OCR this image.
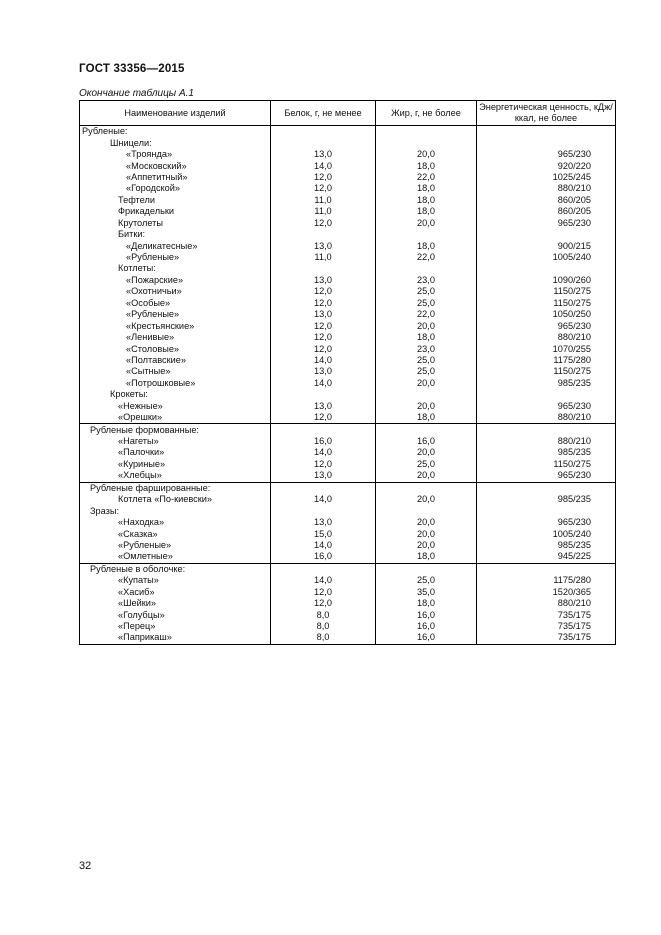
ГОСТ 33356—2015
Окончание таблицы А.1
Наименование изделий	Белок, г, не менее	Жир, г, не более	Энергетическая ценность, кДж/ккал, не более
Рубленые:			
Шницели:			
«Троянда»	13,0	20,0	965/230
«Московский»	14,0	18,0	920/220
«Аппетитный»	12,0	22,0	1025/245
«Городской»	12,0	18,0	880/210
Тефтели	11,0	18,0	860/205
Фрикадельки	11,0	18,0	860/205
Крутолеты	12,0	20,0	965/230
Битки:			
«Деликатесные»	13,0	18,0	900/215
«Рубленые»	11,0	22,0	1005/240
Котлеты:			
«Пожарские»	13,0	23,0	1090/260
«Охотничьи»	12,0	25,0	1150/275
«Особые»	12,0	25,0	1150/275
«Рубленые»	13,0	22,0	1050/250
«Крестьянские»	12,0	20,0	965/230
«Ленивые»	12,0	18,0	880/210
«Столовые»	12,0	23,0	1070/255
«Полтавские»	14,0	25,0	1175/280
«Сытные»	13,0	25,0	1150/275
«Потрошковые»	14,0	20,0	985/235
Крокеты:			
«Нежные»	13,0	20,0	965/230
«Орешки»	12,0	18,0	880/210
Рубленые формованные:			
«Нагеты»	16,0	16,0	880/210
«Палочки»	14,0	20,0	985/235
«Куриные»	12,0	25,0	1150/275
«Хлебцы»	13,0	20,0	965/230
Рубленые фаршированные:			
Котлета «По-киевски»	14,0	20,0	985/235
Зразы:			
«Находка»	13,0	20,0	965/230
«Сказка»	15,0	20,0	1005/240
«Рубленые»	14,0	20,0	985/235
«Омлетные»	16,0	18,0	945/225
Рубленые в оболочке:			
«Купаты»	14,0	25,0	1175/280
«Хасиб»	12,0	35,0	1520/365
«Шейки»	12,0	18,0	880/210
«Голубцы»	8,0	16,0	735/175
«Перец»	8,0	16,0	735/175
«Паприкаш»	8,0	16,0	735/175
32
